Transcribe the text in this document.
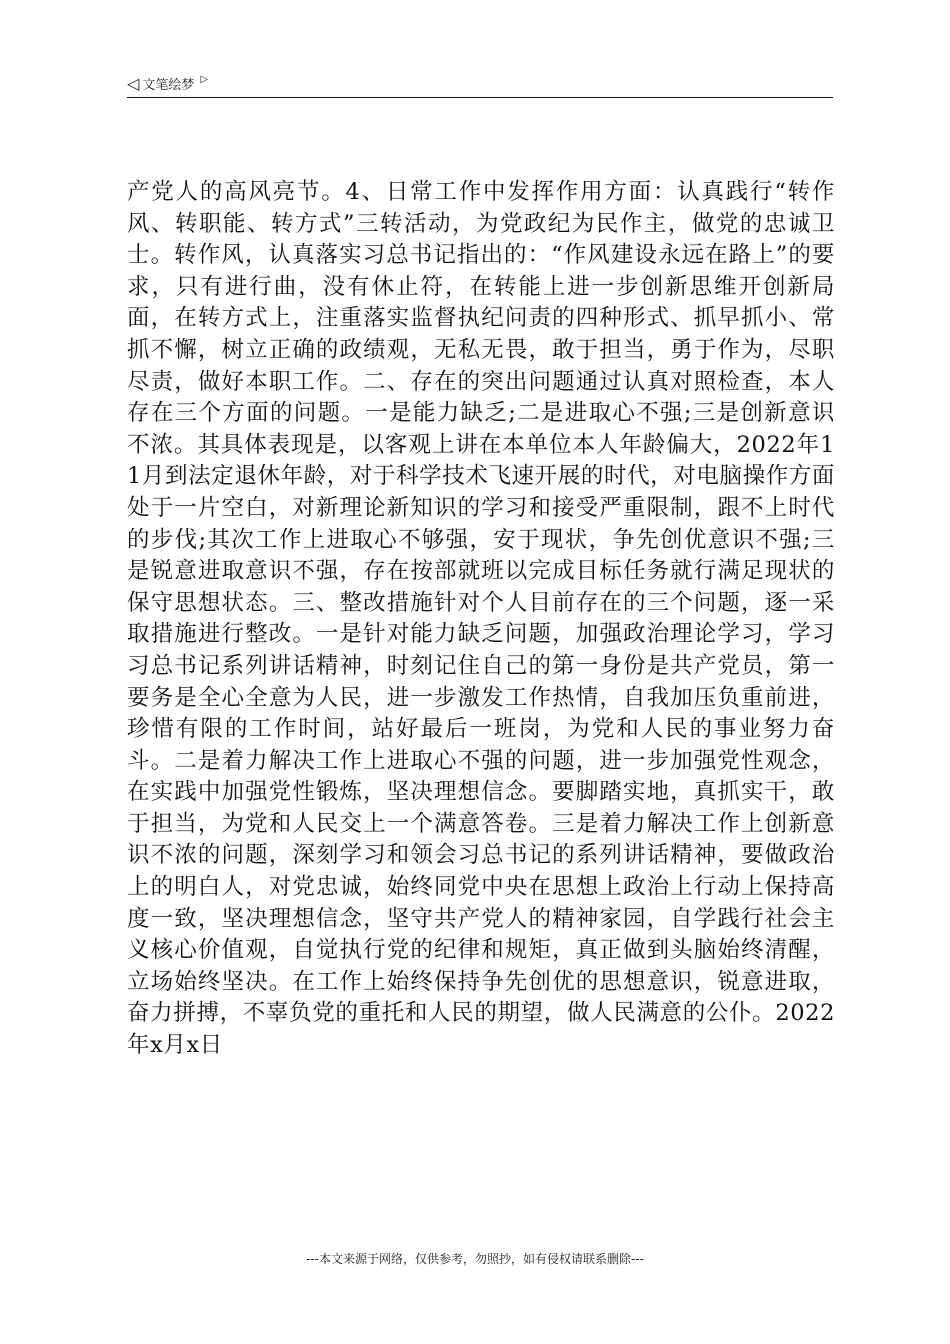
◁ 文笔绘梦 ▷

产党人的高风亮节。4、日常工作中发挥作用方面：认真践行“转作风、转职能、转方式”三转活动，为党政纪为民作主，做党的忠诚卫士。转作风，认真落实习总书记指出的：“作风建设永远在路上”的要求，只有进行曲，没有休止符，在转能上进一步创新思维开创新局面，在转方式上，注重落实监督执纪问责的四种形式、抓早抓小、常抓不懈，树立正确的政绩观，无私无畏，敢于担当，勇于作为，尽职尽责，做好本职工作。二、存在的突出问题通过认真对照检查，本人存在三个方面的问题。一是能力缺乏;二是进取心不强;三是创新意识不浓。其具体表现是，以客观上讲在本单位本人年龄偏大，2022年11月到法定退休年龄，对于科学技术飞速开展的时代，对电脑操作方面处于一片空白，对新理论新知识的学习和接受严重限制，跟不上时代的步伐;其次工作上进取心不够强，安于现状，争先创优意识不强;三是锐意进取意识不强，存在按部就班以完成目标任务就行满足现状的保守思想状态。三、整改措施针对个人目前存在的三个问题，逐一采取措施进行整改。一是针对能力缺乏问题，加强政治理论学习，学习习总书记系列讲话精神，时刻记住自己的第一身份是共产党员，第一要务是全心全意为人民，进一步激发工作热情，自我加压负重前进，珍惜有限的工作时间，站好最后一班岗，为党和人民的事业努力奋斗。二是着力解决工作上进取心不强的问题，进一步加强党性观念，在实践中加强党性锻炼，坚决理想信念。要脚踏实地，真抓实干，敢于担当，为党和人民交上一个满意答卷。三是着力解决工作上创新意识不浓的问题，深刻学习和领会习总书记的系列讲话精神，要做政治上的明白人，对党忠诚，始终同党中央在思想上政治上行动上保持高度一致，坚决理想信念，坚守共产党人的精神家园，自学践行社会主义核心价值观，自觉执行党的纪律和规矩，真正做到头脑始终清醒，立场始终坚决。在工作上始终保持争先创优的思想意识，锐意进取，奋力拼搏，不辜负党的重托和人民的期望，做人民满意的公仆。2022年x月x日

---本文来源于网络，仅供参考，勿照抄，如有侵权请联系删除---
